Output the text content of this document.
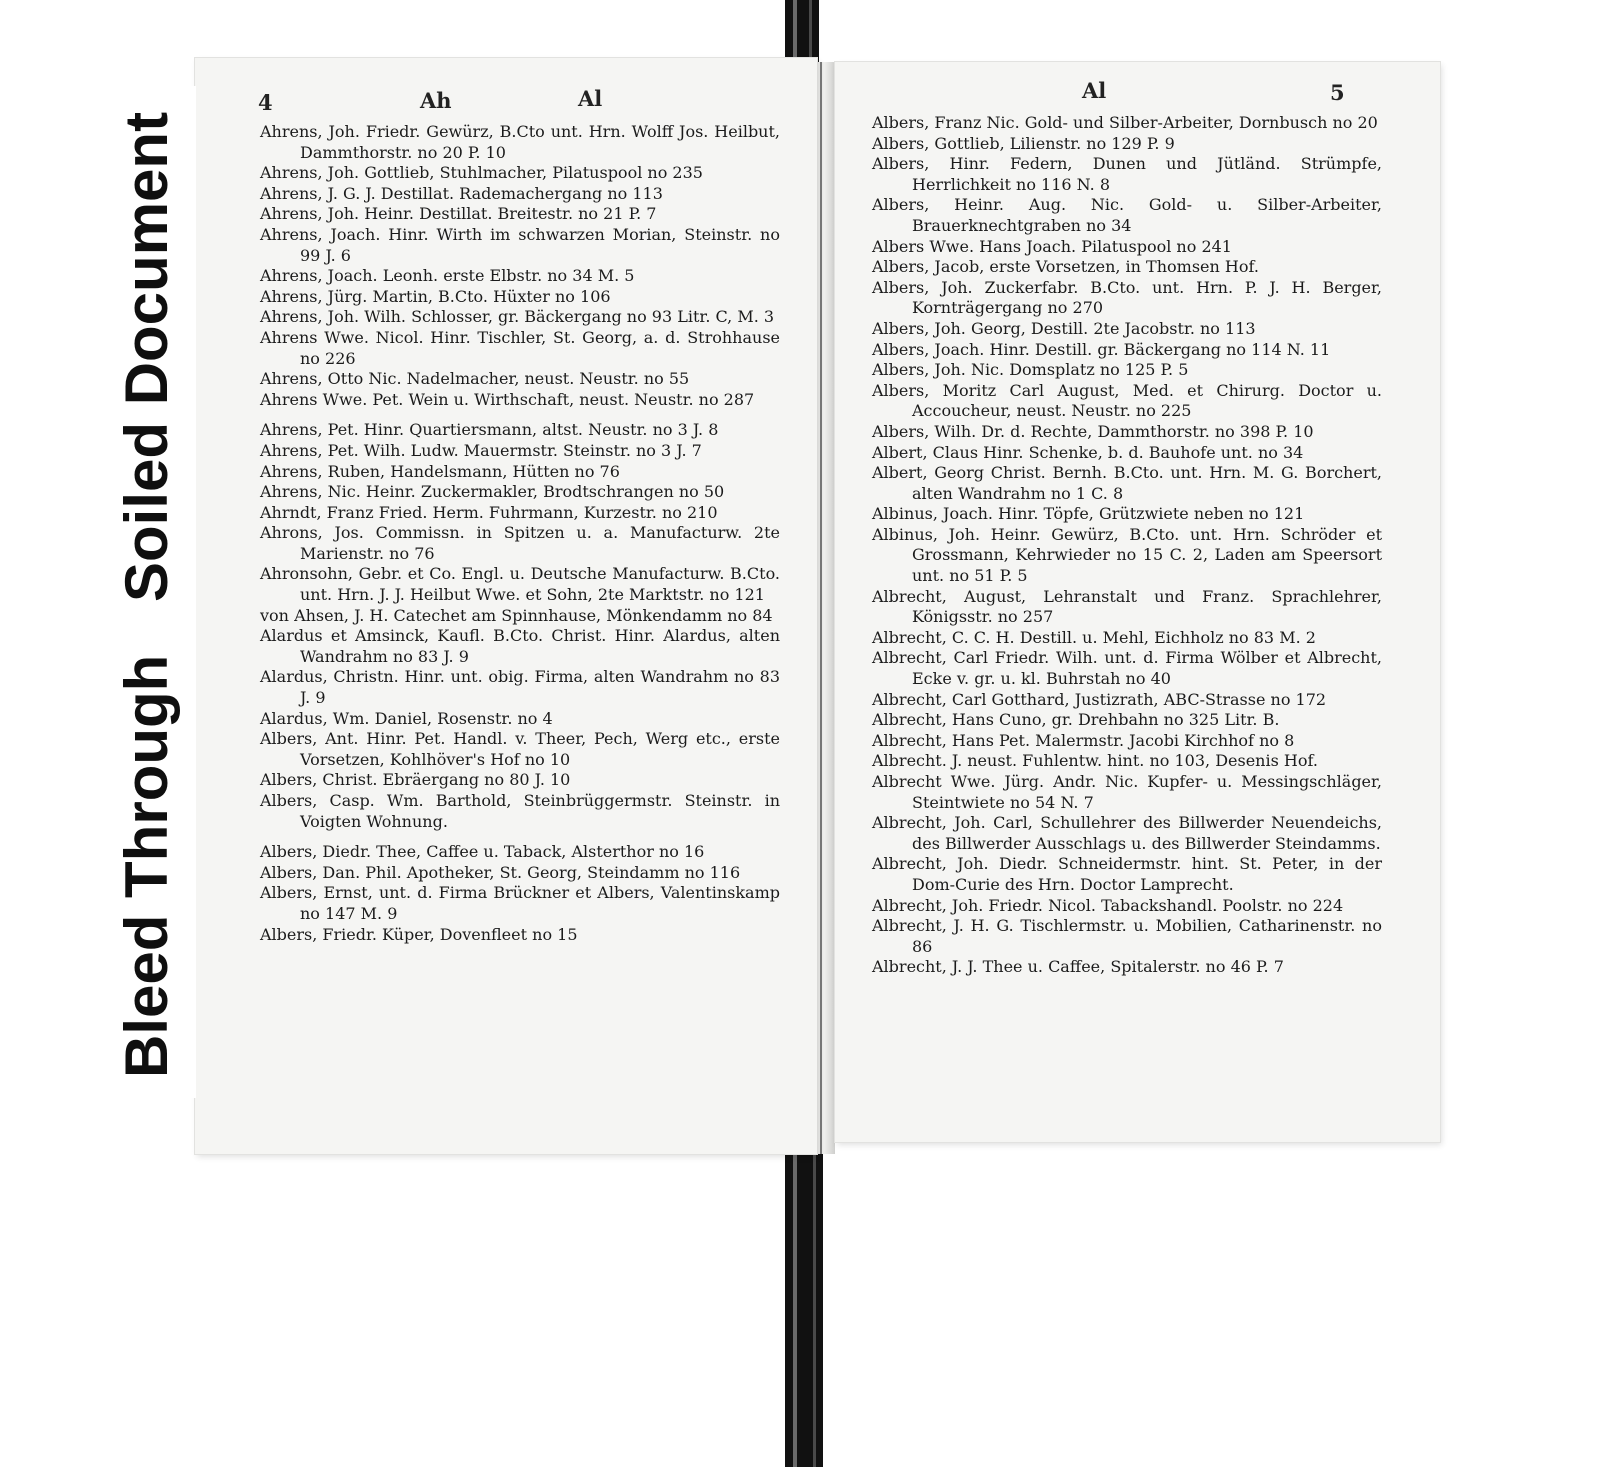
4	Ah	Al	Al	5
Ahrens, Joh. Friedr. Gewürz, B.Cto unt. Hrn. Wolff Jos. Heilbut, Dammthorstr. no 20 P. 10
Ahrens, Joh. Gottlieb, Stuhlmacher, Pilatuspool no 235
Ahrens, J. G. J. Destillat. Rademachergang no 113
Ahrens, Joh. Heinr. Destillat. Breitestr. no 21 P. 7
Ahrens, Joach. Hinr. Wirth im schwarzen Morian, Steinstr. no 99 J. 6
Ahrens, Joach. Leonh. erste Elbstr. no 34 M. 5
Ahrens, Jürg. Martin, B.Cto. Hüxter no 106
Ahrens, Joh. Wilh. Schlosser, gr. Bäckergang no 93 Litr. C, M. 3
Ahrens Wwe. Nicol. Hinr. Tischler, St. Georg, a. d. Strohhause no 226
Ahrens, Otto Nic. Nadelmacher, neust. Neustr. no 55
Ahrens Wwe. Pet. Wein u. Wirthschaft, neust. Neustr. no 287
Ahrens, Pet. Hinr. Quartiersmann, altst. Neustr. no 3 J. 8
Ahrens, Pet. Wilh. Ludw. Mauermstr. Steinstr. no 3 J. 7
Ahrens, Ruben, Handelsmann, Hütten no 76
Ahrens, Nic. Heinr. Zuckermakler, Brodtschrangen no 50
Ahrndt, Franz Fried. Herm. Fuhrmann, Kurzestr. no 210
Ahrons, Jos. Commissn. in Spitzen u. a. Manufacturw. 2te Marienstr. no 76
Ahronsohn, Gebr. et Co. Engl. u. Deutsche Manufacturw. B.Cto. unt. Hrn. J. J. Heilbut Wwe. et Sohn, 2te Marktstr. no 121
von Ahsen, J. H. Catechet am Spinnhause, Mönkendamm no 84
Alardus et Amsinck, Kaufl. B.Cto. Christ. Hinr. Alardus, alten Wandrahm no 83 J. 9
Alardus, Christn. Hinr. unt. obig. Firma, alten Wandrahm no 83 J. 9
Alardus, Wm. Daniel, Rosenstr. no 4
Albers, Ant. Hinr. Pet. Handl. v. Theer, Pech, Werg etc., erste Vorsetzen, Kohlhöver's Hof no 10
Albers, Christ. Ebräergang no 80 J. 10
Albers, Casp. Wm. Barthold, Steinbrüggermstr. Steinstr. in Voigten Wohnung.
Albers, Diedr. Thee, Caffee u. Taback, Alsterthor no 16
Albers, Dan. Phil. Apotheker, St. Georg, Steindamm no 116
Albers, Ernst, unt. d. Firma Brückner et Albers, Valentinskamp no 147 M. 9
Albers, Friedr. Küper, Dovenfleet no 15
Albers, Franz Nic. Gold- und Silber-Arbeiter, Dornbusch no 20
Albers, Gottlieb, Lilienstr. no 129 P. 9
Albers, Hinr. Federn, Dunen und Jütländ. Strümpfe, Herrlichkeit no 116 N. 8
Albers, Heinr. Aug. Nic. Gold- u. Silber-Arbeiter, Brauerknechtgraben no 34
Albers Wwe. Hans Joach. Pilatuspool no 241
Albers, Jacob, erste Vorsetzen, in Thomsen Hof.
Albers, Joh. Zuckerfabr. B.Cto. unt. Hrn. P. J. H. Berger, Kornträgergang no 270
Albers, Joh. Georg, Destill. 2te Jacobstr. no 113
Albers, Joach. Hinr. Destill. gr. Bäckergang no 114 N. 11
Albers, Joh. Nic. Domsplatz no 125 P. 5
Albers, Moritz Carl August, Med. et Chirurg. Doctor u. Accoucheur, neust. Neustr. no 225
Albers, Wilh. Dr. d. Rechte, Dammthorstr. no 398 P. 10
Albert, Claus Hinr. Schenke, b. d. Bauhofe unt. no 34
Albert, Georg Christ. Bernh. B.Cto. unt. Hrn. M. G. Borchert, alten Wandrahm no 1 C. 8
Albinus, Joach. Hinr. Töpfe, Grützwiete neben no 121
Albinus, Joh. Heinr. Gewürz, B.Cto. unt. Hrn. Schröder et Grossmann, Kehrwieder no 15 C. 2, Laden am Speersort unt. no 51 P. 5
Albrecht, August, Lehranstalt und Franz. Sprachlehrer, Königsstr. no 257
Albrecht, C. C. H. Destill. u. Mehl, Eichholz no 83 M. 2
Albrecht, Carl Friedr. Wilh. unt. d. Firma Wölber et Albrecht, Ecke v. gr. u. kl. Buhrstah no 40
Albrecht, Carl Gotthard, Justizrath, ABC-Strasse no 172
Albrecht, Hans Cuno, gr. Drehbahn no 325 Litr. B.
Albrecht, Hans Pet. Malermstr. Jacobi Kirchhof no 8
Albrecht. J. neust. Fuhlentw. hint. no 103, Desenis Hof.
Albrecht Wwe. Jürg. Andr. Nic. Kupfer- u. Messingschläger, Steintwiete no 54 N. 7
Albrecht, Joh. Carl, Schullehrer des Billwerder Neuendeichs, des Billwerder Ausschlags u. des Billwerder Steindamms.
Albrecht, Joh. Diedr. Schneidermstr. hint. St. Peter, in der Dom-Curie des Hrn. Doctor Lamprecht.
Albrecht, Joh. Friedr. Nicol. Tabackshandl. Poolstr. no 224
Albrecht, J. H. G. Tischlermstr. u. Mobilien, Catharinenstr. no 86
Albrecht, J. J. Thee u. Caffee, Spitalerstr. no 46 P. 7
Soiled Document
Bleed Through
